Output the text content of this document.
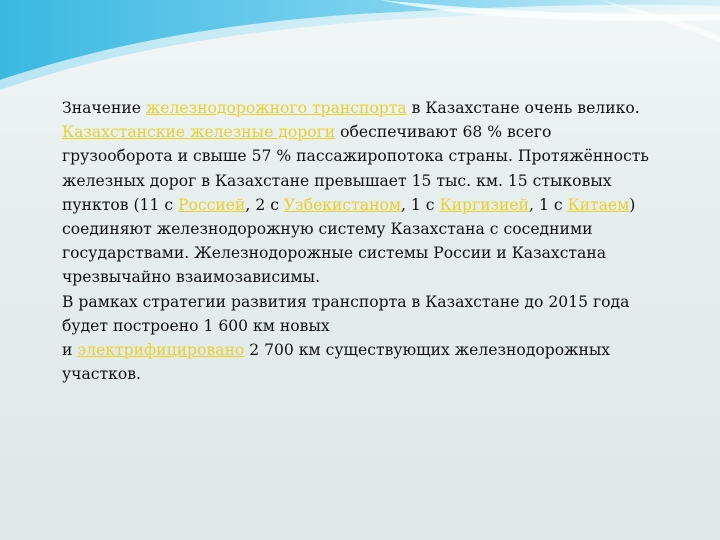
Значение железнодорожного транспорта в Казахстане очень велико. Казахстанские железные дороги обеспечивают 68 % всего грузооборота и свыше 57 % пассажиропотока страны. Протяжённость железных дорог в Казахстане превышает 15 тыс. км. 15 стыковых пунктов (11 с Россией, 2 с Узбекистаном, 1 с Киргизией, 1 с Китаем) соединяют железнодорожную систему Казахстана с соседними государствами. Железнодорожные системы России и Казахстана чрезвычайно взаимозависимы.

В рамках стратегии развития транспорта в Казахстане до 2015 года будет построено 1 600 км новых
и электрифицировано 2 700 км существующих железнодорожных участков.
